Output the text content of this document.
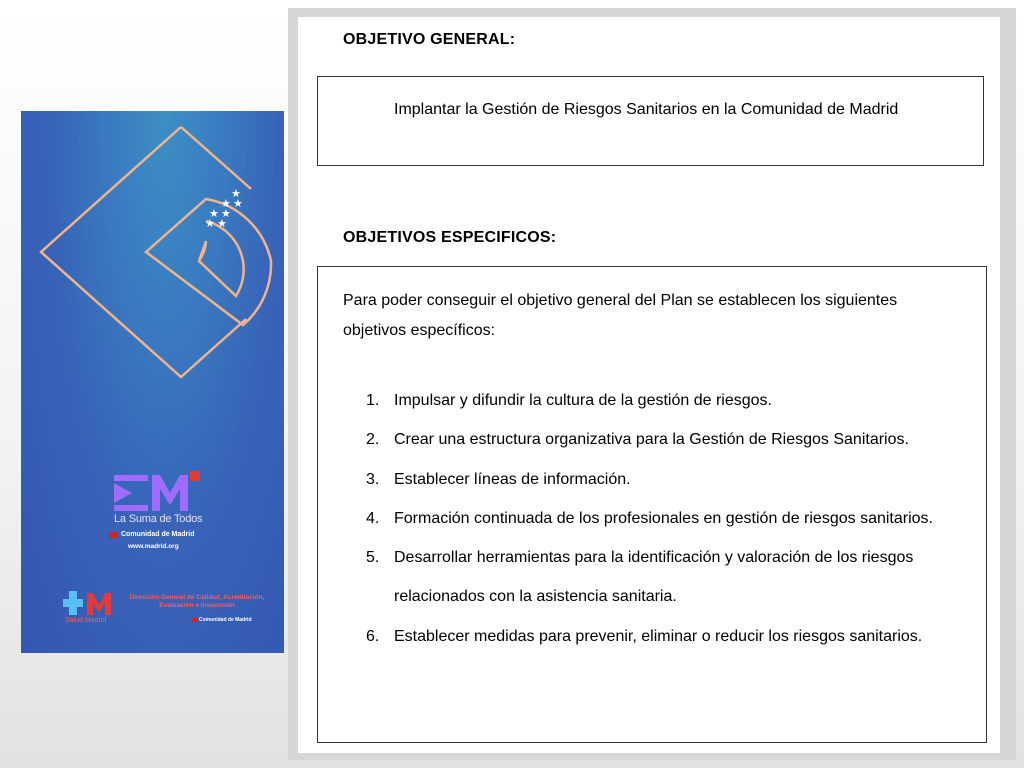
★
★ ★
★ ★
★ ★
La Suma de Todos
Comunidad de Madrid
www.madrid.org
Dirección General de Calidad, Acreditación, Evaluación e Inspección
Salud Madrid	Comunidad de Madrid
OBJETIVO GENERAL:
Implantar la Gestión de Riesgos Sanitarios en la Comunidad de Madrid
OBJETIVOS ESPECIFICOS:
Para poder conseguir el objetivo general del Plan se establecen los siguientes objetivos específicos:
1. Impulsar y difundir la cultura de la gestión de riesgos.
2. Crear una estructura organizativa para la Gestión de Riesgos Sanitarios.
3. Establecer líneas de información.
4. Formación continuada de los profesionales en gestión de riesgos sanitarios.
5. Desarrollar herramientas para la identificación y valoración de los riesgos relacionados con la asistencia sanitaria.
6. Establecer medidas para prevenir, eliminar o reducir los riesgos sanitarios.
